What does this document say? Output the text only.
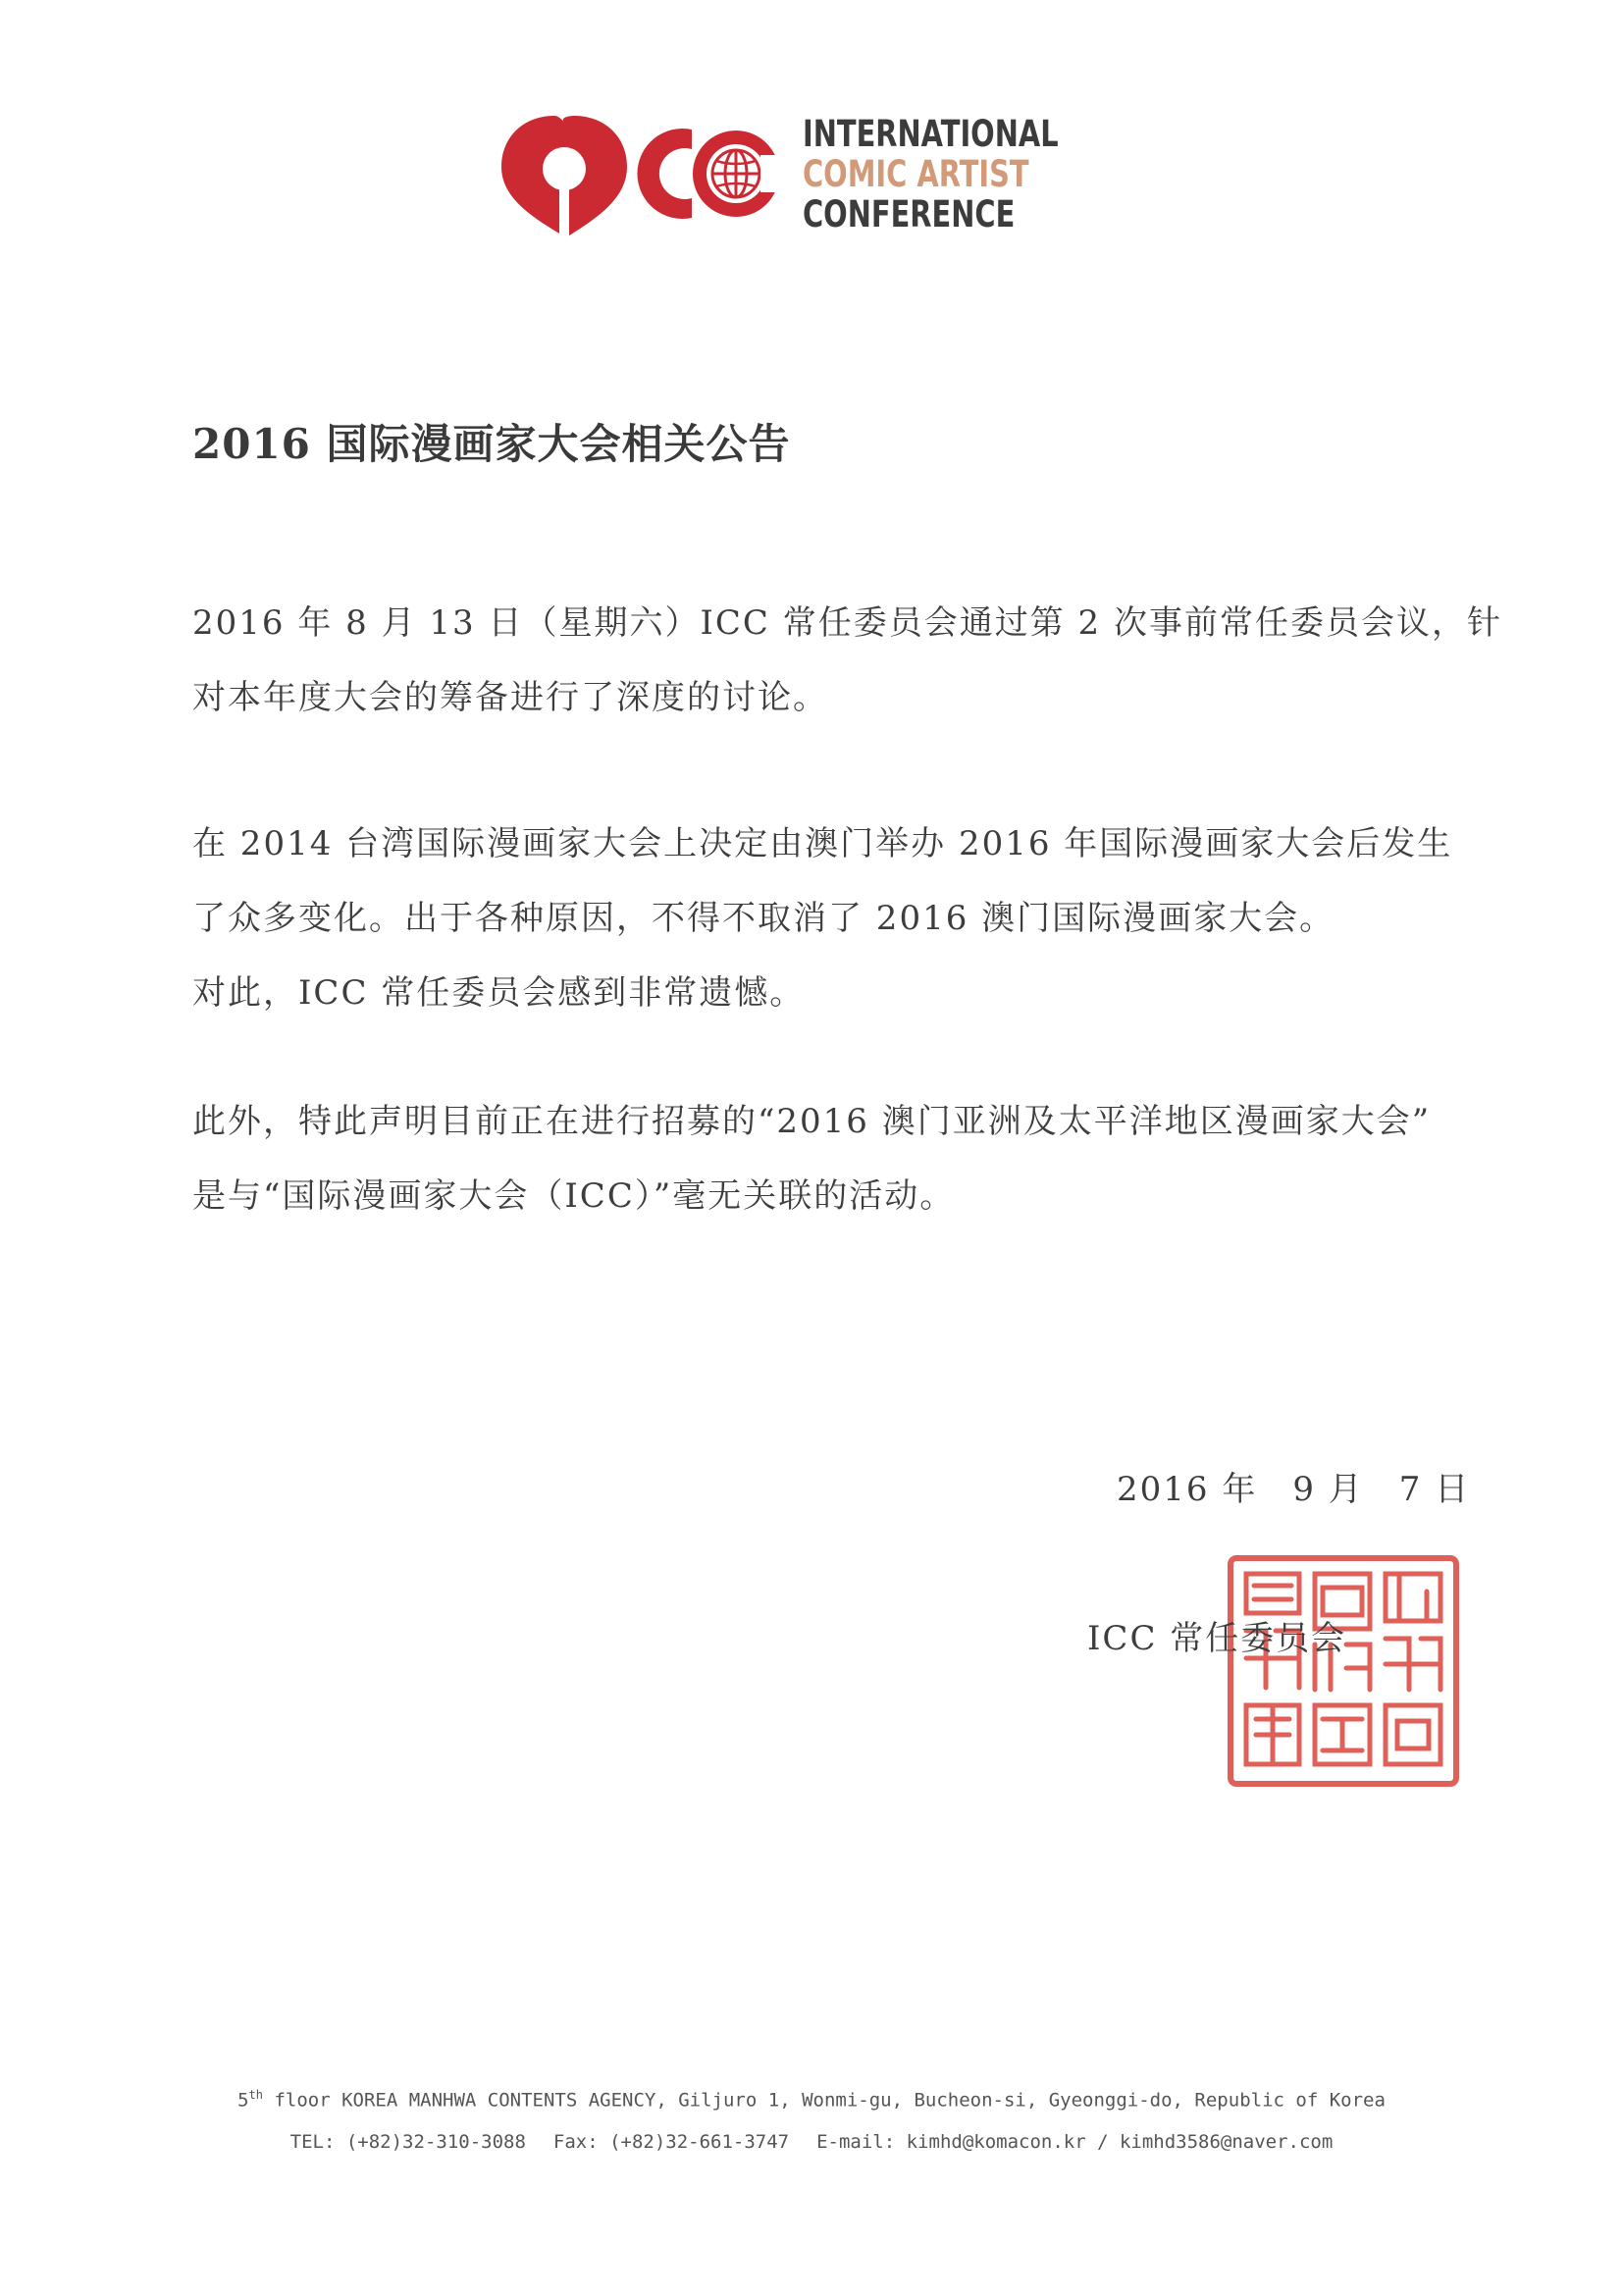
INTERNATIONAL
COMIC ARTIST
CONFERENCE
2016 国际漫画家大会相关公告
2016 年 8 月 13 日（星期六）ICC 常任委员会通过第 2 次事前常任委员会议，针
对本年度大会的筹备进行了深度的讨论。
在 2014 台湾国际漫画家大会上决定由澳门举办 2016 年国际漫画家大会后发生
了众多变化。出于各种原因，不得不取消了 2016 澳门国际漫画家大会。
对此，ICC 常任委员会感到非常遗憾。
此外，特此声明目前正在进行招募的“2016 澳门亚洲及太平洋地区漫画家大会”
是与“国际漫画家大会（ICC）”毫无关联的活动。
2016 年　9 月　7 日
ICC 常任委员会
5th floor KOREA MANHWA CONTENTS AGENCY, Giljuro 1, Wonmi-gu, Bucheon-si, Gyeonggi-do, Republic of Korea
TEL: (+82)32-310-3088 Fax: (+82)32-661-3747 E-mail: kimhd@komacon.kr / kimhd3586@naver.com
